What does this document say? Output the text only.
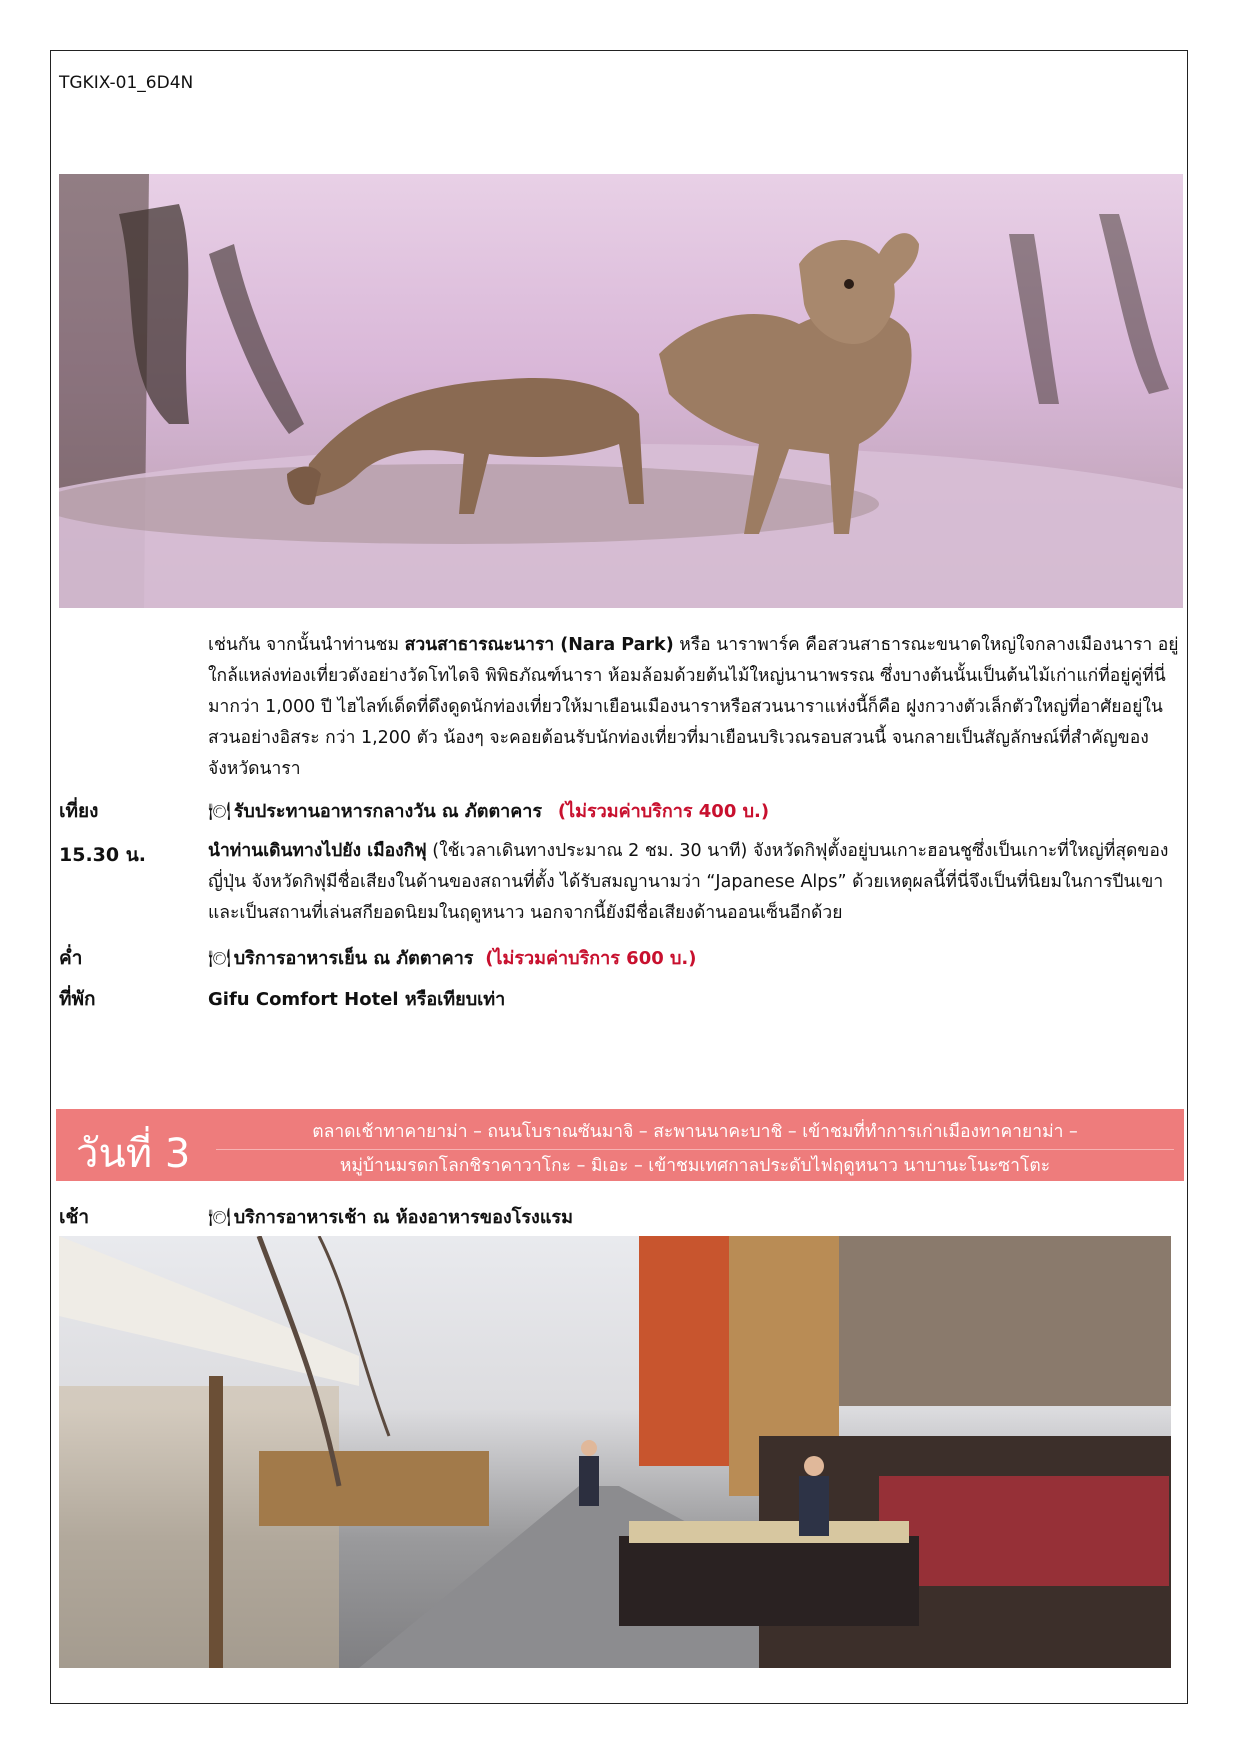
TGKIX-01_6D4N
เช่นกัน จากนั้นนำท่านชม สวนสาธารณะนารา (Nara Park) หรือ นาราพาร์ค คือสวนสาธารณะขนาดใหญ่ใจกลางเมืองนารา อยู่ใกล้แหล่งท่องเที่ยวดังอย่างวัดโทไดจิ พิพิธภัณฑ์นารา ห้อมล้อมด้วยต้นไม้ใหญ่นานาพรรณ ซึ่งบางต้นนั้นเป็นต้นไม้เก่าแก่ที่อยู่คู่ที่นี่มากว่า 1,000 ปี ไฮไลท์เด็ดที่ดึงดูดนักท่องเที่ยวให้มาเยือนเมืองนาราหรือสวนนาราแห่งนี้ก็คือ ฝูงกวางตัวเล็กตัวใหญ่ที่อาศัยอยู่ในสวนอย่างอิสระ กว่า 1,200 ตัว น้องๆ จะคอยต้อนรับนักท่องเที่ยวที่มาเยือนบริเวณรอบสวนนี้ จนกลายเป็นสัญลักษณ์ที่สำคัญของจังหวัดนารา
เที่ยง	🍽 รับประทานอาหารกลางวัน ณ ภัตตาคาร (ไม่รวมค่าบริการ 400 บ.)
15.30 น.	นำท่านเดินทางไปยัง เมืองกิฟุ (ใช้เวลาเดินทางประมาณ 2 ชม. 30 นาที) จังหวัดกิฟุตั้งอยู่บนเกาะฮอนชูซึ่งเป็นเกาะที่ใหญ่ที่สุดของญี่ปุ่น จังหวัดกิฟุมีชื่อเสียงในด้านของสถานที่ตั้ง ได้รับสมญานามว่า “Japanese Alps” ด้วยเหตุผลนี้ที่นี่จึงเป็นที่นิยมในการปีนเขา และเป็นสถานที่เล่นสกียอดนิยมในฤดูหนาว นอกจากนี้ยังมีชื่อเสียงด้านออนเซ็นอีกด้วย
ค่ำ	🍽 บริการอาหารเย็น ณ ภัตตาคาร (ไม่รวมค่าบริการ 600 บ.)
ที่พัก	Gifu Comfort Hotel หรือเทียบเท่า
วันที่ 3	ตลาดเช้าทาคายาม่า – ถนนโบราณซันมาจิ – สะพานนาคะบาชิ – เข้าชมที่ทำการเก่าเมืองทาคายาม่า –
หมู่บ้านมรดกโลกชิราคาวาโกะ – มิเอะ – เข้าชมเทศกาลประดับไฟฤดูหนาว นาบานะโนะซาโตะ
เช้า	🍽 บริการอาหารเช้า ณ ห้องอาหารของโรงแรม
